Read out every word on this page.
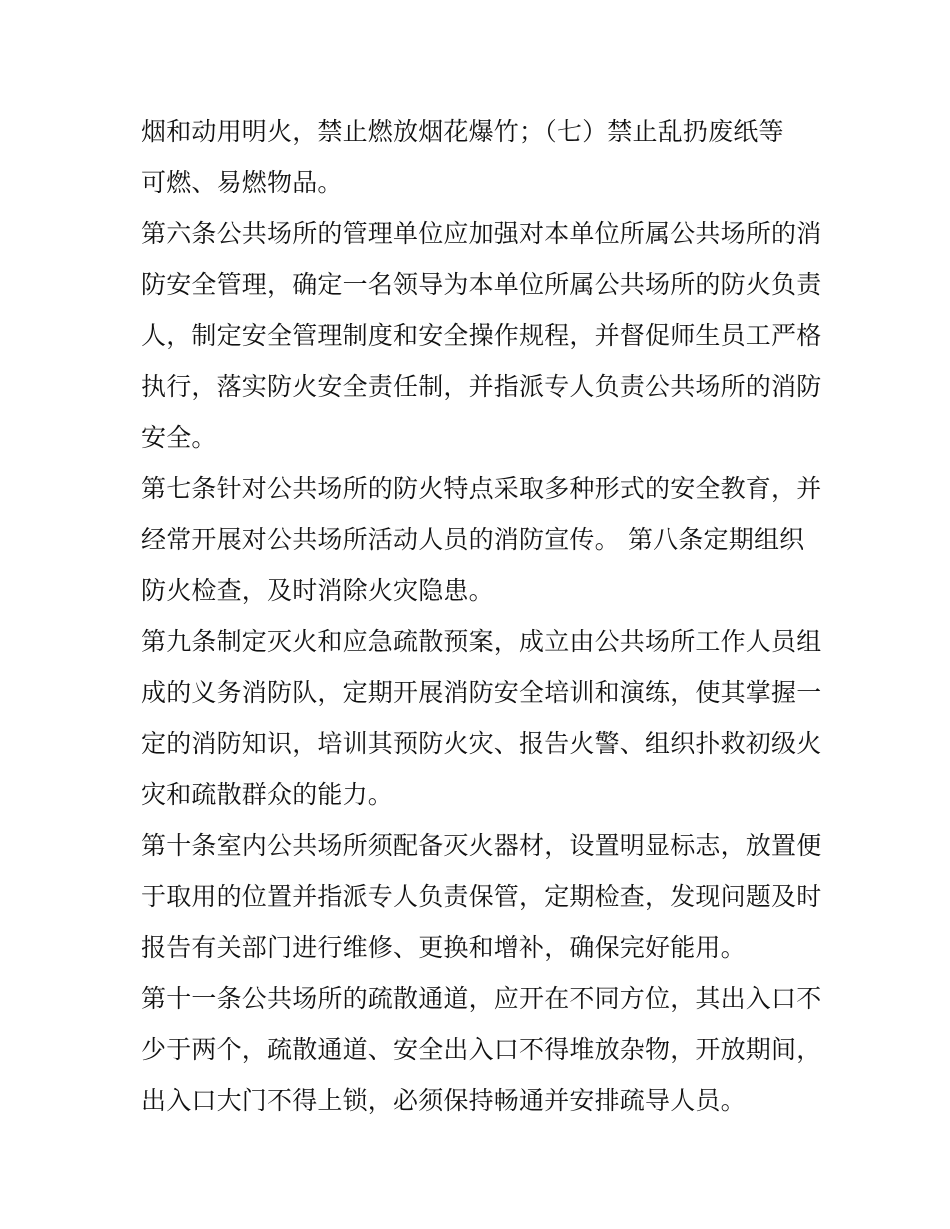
烟和动用明火，禁止燃放烟花爆竹；（七）禁止乱扔废纸等
可燃、易燃物品。
第六条公共场所的管理单位应加强对本单位所属公共场所的消
防安全管理，确定一名领导为本单位所属公共场所的防火负责
人，制定安全管理制度和安全操作规程，并督促师生员工严格
执行，落实防火安全责任制，并指派专人负责公共场所的消防
安全。
第七条针对公共场所的防火特点采取多种形式的安全教育，并
经常开展对公共场所活动人员的消防宣传。 第八条定期组织
防火检查，及时消除火灾隐患。
第九条制定灭火和应急疏散预案，成立由公共场所工作人员组
成的义务消防队，定期开展消防安全培训和演练，使其掌握一
定的消防知识，培训其预防火灾、报告火警、组织扑救初级火
灾和疏散群众的能力。
第十条室内公共场所须配备灭火器材，设置明显标志，放置便
于取用的位置并指派专人负责保管，定期检查，发现问题及时
报告有关部门进行维修、更换和增补，确保完好能用。
第十一条公共场所的疏散通道，应开在不同方位，其出入口不
少于两个，疏散通道、安全出入口不得堆放杂物，开放期间，
出入口大门不得上锁，必须保持畅通并安排疏导人员。
